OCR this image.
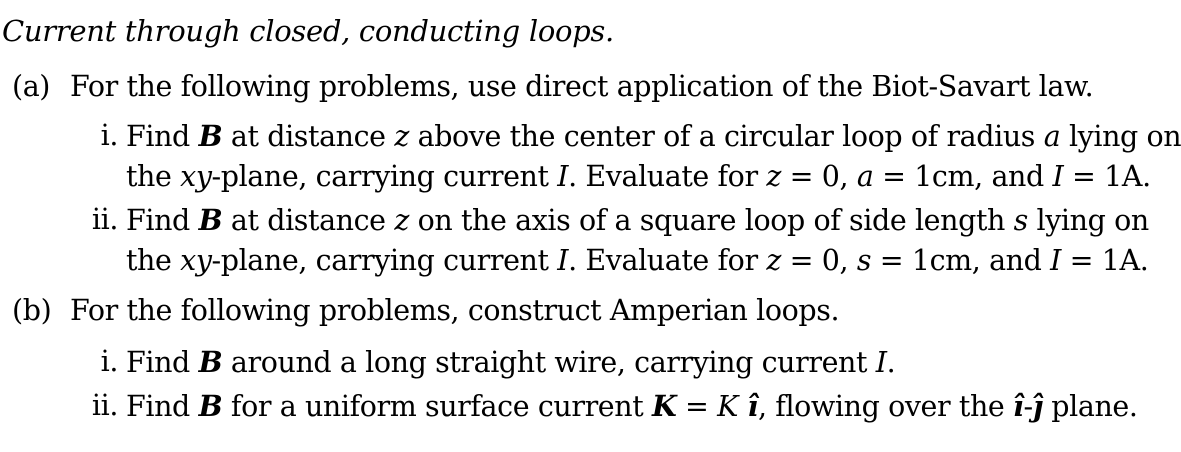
Current through closed, conducting loops.
(a) For the following problems, use direct application of the Biot-Savart law.
i. Find B at distance z above the center of a circular loop of radius a lying on
the xy-plane, carrying current I. Evaluate for z = 0, a = 1cm, and I = 1A.
ii. Find B at distance z on the axis of a square loop of side length s lying on
the xy-plane, carrying current I. Evaluate for z = 0, s = 1cm, and I = 1A.
(b) For the following problems, construct Amperian loops.
i. Find B around a long straight wire, carrying current I.
ii. Find B for a uniform surface current K = K ı̂, flowing over the ı̂-ȷ̂ plane.
